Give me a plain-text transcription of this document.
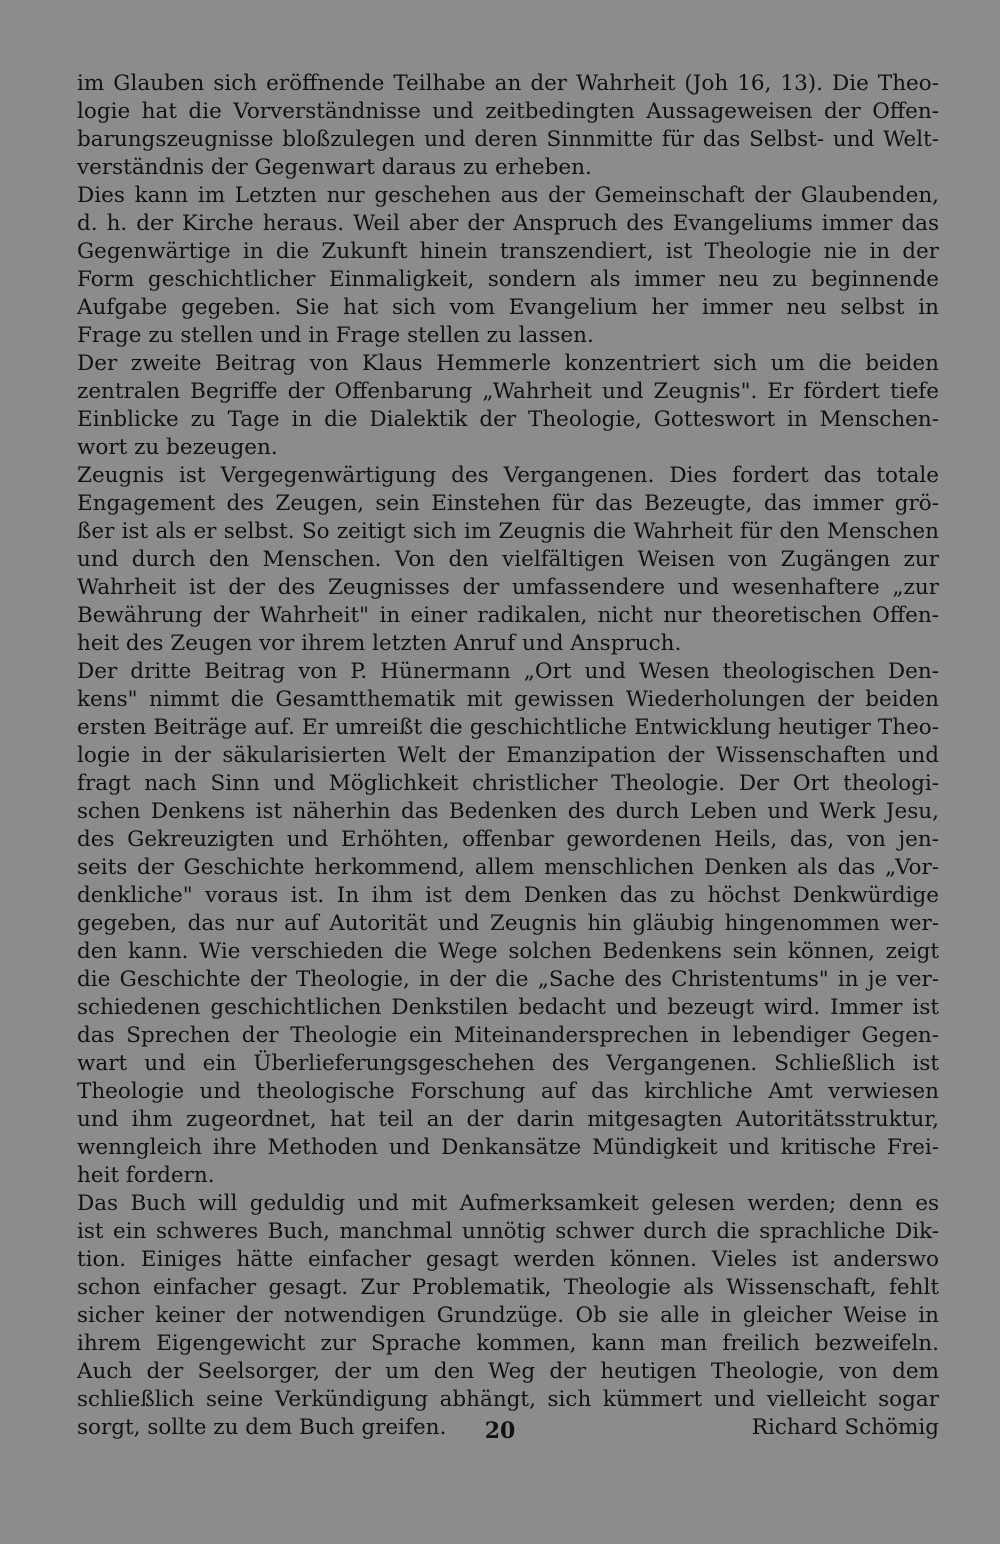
im Glauben sich eröffnende Teilhabe an der Wahrheit (Joh 16, 13). Die Theo-
logie hat die Vorverständnisse und zeitbedingten Aussageweisen der Offen-
barungszeugnisse bloßzulegen und deren Sinnmitte für das Selbst- und Welt-
verständnis der Gegenwart daraus zu erheben.
Dies kann im Letzten nur geschehen aus der Gemeinschaft der Glaubenden,
d. h. der Kirche heraus. Weil aber der Anspruch des Evangeliums immer das
Gegenwärtige in die Zukunft hinein transzendiert, ist Theologie nie in der
Form geschichtlicher Einmaligkeit, sondern als immer neu zu beginnende
Aufgabe gegeben. Sie hat sich vom Evangelium her immer neu selbst in
Frage zu stellen und in Frage stellen zu lassen.
Der zweite Beitrag von Klaus Hemmerle konzentriert sich um die beiden
zentralen Begriffe der Offenbarung „Wahrheit und Zeugnis". Er fördert tiefe
Einblicke zu Tage in die Dialektik der Theologie, Gotteswort in Menschen-
wort zu bezeugen.
Zeugnis ist Vergegenwärtigung des Vergangenen. Dies fordert das totale
Engagement des Zeugen, sein Einstehen für das Bezeugte, das immer grö-
ßer ist als er selbst. So zeitigt sich im Zeugnis die Wahrheit für den Menschen
und durch den Menschen. Von den vielfältigen Weisen von Zugängen zur
Wahrheit ist der des Zeugnisses der umfassendere und wesenhaftere „zur
Bewährung der Wahrheit" in einer radikalen, nicht nur theoretischen Offen-
heit des Zeugen vor ihrem letzten Anruf und Anspruch.
Der dritte Beitrag von P. Hünermann „Ort und Wesen theologischen Den-
kens" nimmt die Gesamtthematik mit gewissen Wiederholungen der beiden
ersten Beiträge auf. Er umreißt die geschichtliche Entwicklung heutiger Theo-
logie in der säkularisierten Welt der Emanzipation der Wissenschaften und
fragt nach Sinn und Möglichkeit christlicher Theologie. Der Ort theologi-
schen Denkens ist näherhin das Bedenken des durch Leben und Werk Jesu,
des Gekreuzigten und Erhöhten, offenbar gewordenen Heils, das, von jen-
seits der Geschichte herkommend, allem menschlichen Denken als das „Vor-
denkliche" voraus ist. In ihm ist dem Denken das zu höchst Denkwürdige
gegeben, das nur auf Autorität und Zeugnis hin gläubig hingenommen wer-
den kann. Wie verschieden die Wege solchen Bedenkens sein können, zeigt
die Geschichte der Theologie, in der die „Sache des Christentums" in je ver-
schiedenen geschichtlichen Denkstilen bedacht und bezeugt wird. Immer ist
das Sprechen der Theologie ein Miteinandersprechen in lebendiger Gegen-
wart und ein Überlieferungsgeschehen des Vergangenen. Schließlich ist
Theologie und theologische Forschung auf das kirchliche Amt verwiesen
und ihm zugeordnet, hat teil an der darin mitgesagten Autoritätsstruktur,
wenngleich ihre Methoden und Denkansätze Mündigkeit und kritische Frei-
heit fordern.
Das Buch will geduldig und mit Aufmerksamkeit gelesen werden; denn es
ist ein schweres Buch, manchmal unnötig schwer durch die sprachliche Dik-
tion. Einiges hätte einfacher gesagt werden können. Vieles ist anderswo
schon einfacher gesagt. Zur Problematik, Theologie als Wissenschaft, fehlt
sicher keiner der notwendigen Grundzüge. Ob sie alle in gleicher Weise in
ihrem Eigengewicht zur Sprache kommen, kann man freilich bezweifeln.
Auch der Seelsorger, der um den Weg der heutigen Theologie, von dem
schließlich seine Verkündigung abhängt, sich kümmert und vielleicht sogar
sorgt, sollte zu dem Buch greifen.	Richard Schömig
20
